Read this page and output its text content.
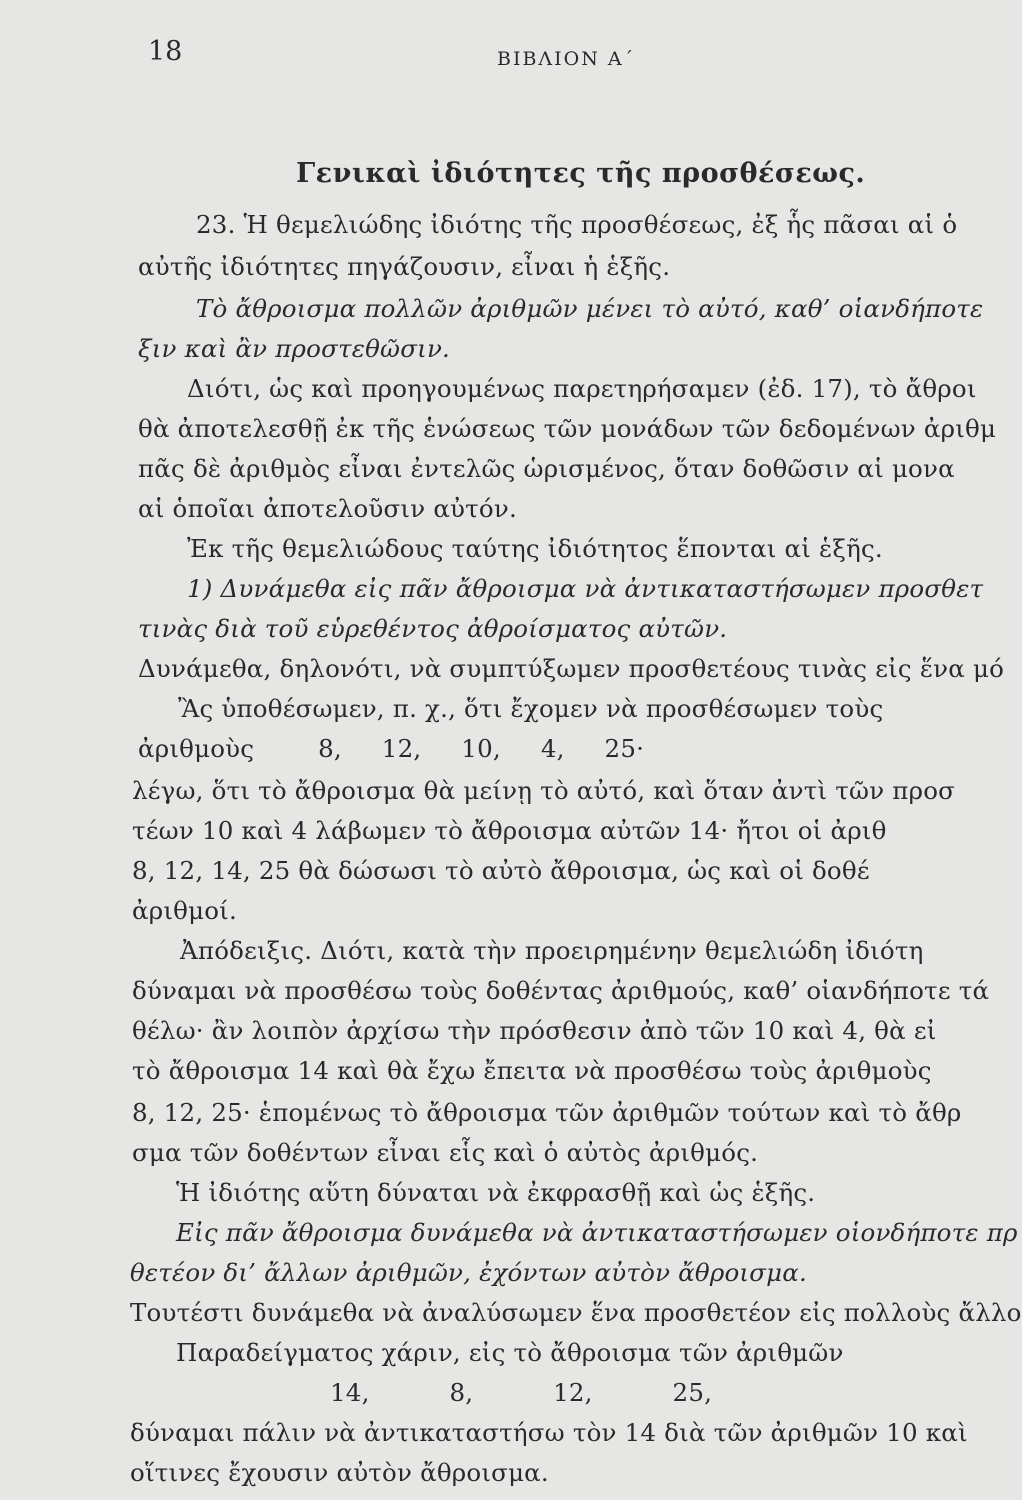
18	ΒΙΒΛΙΟΝ Α΄
Γενικαὶ ἰδιότητες τῆς προσθέσεως.
23. Ἡ θεμελιώδης ἰδιότης τῆς προσθέσεως, ἐξ ἧς πᾶσαι αἱ ὁ
αὐτῆς ἰδιότητες πηγάζουσιν, εἶναι ἡ ἑξῆς.
Τὸ ἄθροισμα πολλῶν ἀριθμῶν μένει τὸ αὐτό, καθ’ οἱανδήποτε
ξιν καὶ ἂν προστεθῶσιν.
Διότι, ὡς καὶ προηγουμένως παρετηρήσαμεν (ἐδ. 17), τὸ ἄθροι
θὰ ἀποτελεσθῇ ἐκ τῆς ἑνώσεως τῶν μονάδων τῶν δεδομένων ἀριθμ
πᾶς δὲ ἀριθμὸς εἶναι ἐντελῶς ὡρισμένος, ὅταν δοθῶσιν αἱ μονα
αἱ ὁποῖαι ἀποτελοῦσιν αὐτόν.
Ἐκ τῆς θεμελιώδους ταύτης ἰδιότητος ἕπονται αἱ ἑξῆς.
1) Δυνάμεθα εἰς πᾶν ἄθροισμα νὰ ἀντικαταστήσωμεν προσθετ
τινὰς διὰ τοῦ εὑρεθέντος ἀθροίσματος αὐτῶν.
Δυνάμεθα, δηλονότι, νὰ συμπτύξωμεν προσθετέους τινὰς εἰς ἕνα μό
Ἂς ὑποθέσωμεν, π. χ., ὅτι ἔχομεν νὰ προσθέσωμεν τοὺς
ἀριθμοὺς        8,     12,     10,     4,     25·
λέγω, ὅτι τὸ ἄθροισμα θὰ μείνῃ τὸ αὐτό, καὶ ὅταν ἀντὶ τῶν προσ
τέων 10 καὶ 4 λάβωμεν τὸ ἄθροισμα αὐτῶν 14· ἤτοι οἱ ἀριθ
8, 12, 14, 25 θὰ δώσωσι τὸ αὐτὸ ἄθροισμα, ὡς καὶ οἱ δοθέ
ἀριθμοί.
Ἀπόδειξις. Διότι, κατὰ τὴν προειρημένην θεμελιώδη ἰδιότη
δύναμαι νὰ προσθέσω τοὺς δοθέντας ἀριθμούς, καθ’ οἱανδήποτε τά
θέλω· ἂν λοιπὸν ἀρχίσω τὴν πρόσθεσιν ἀπὸ τῶν 10 καὶ 4, θὰ εἰ
τὸ ἄθροισμα 14 καὶ θὰ ἔχω ἔπειτα νὰ προσθέσω τοὺς ἀριθμοὺς
8, 12, 25· ἑπομένως τὸ ἄθροισμα τῶν ἀριθμῶν τούτων καὶ τὸ ἄθρ
σμα τῶν δοθέντων εἶναι εἷς καὶ ὁ αὐτὸς ἀριθμός.
Ἡ ἰδιότης αὕτη δύναται νὰ ἐκφρασθῇ καὶ ὡς ἑξῆς.
Εἰς πᾶν ἄθροισμα δυνάμεθα νὰ ἀντικαταστήσωμεν οἱονδήποτε πρ
θετέον δι’ ἄλλων ἀριθμῶν, ἐχόντων αὐτὸν ἄθροισμα.
Τουτέστι δυνάμεθα νὰ ἀναλύσωμεν ἕνα προσθετέον εἰς πολλοὺς ἄλλο
Παραδείγματος χάριν, εἰς τὸ ἄθροισμα τῶν ἀριθμῶν
14,          8,          12,          25,
δύναμαι πάλιν νὰ ἀντικαταστήσω τὸν 14 διὰ τῶν ἀριθμῶν 10 καὶ
οἵτινες ἔχουσιν αὐτὸν ἄθροισμα.
